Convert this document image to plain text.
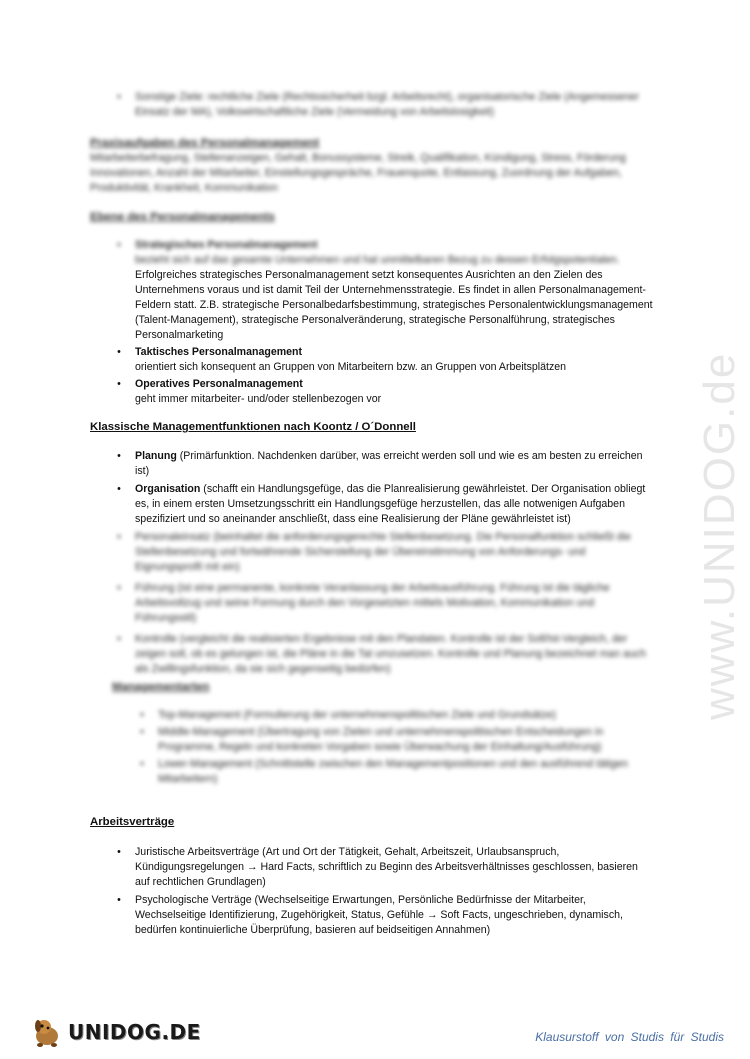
www.UNIDOG.de
• Sonstige Ziele: rechtliche Ziele (Rechtssicherheit bzgl. Arbeitsrecht), organisatorische Ziele (Angemessener Einsatz der MA), Volkswirtschaftliche Ziele (Vermeidung von Arbeitslosigkeit)
Praxisaufgaben des Personalmanagement
Mitarbeiterbefragung, Stellenanzeigen, Gehalt, Bonussysteme, Streik, Qualifikation, Kündigung, Stress, Förderung Innovationen, Anzahl der Mitarbeiter, Einstellungsgespräche, Frauenquote, Entlassung, Zuordnung der Aufgaben, Produktivität, Krankheit, Kommunikation
Ebene des Personalmanagements
• Strategisches Personalmanagement
bezieht sich auf das gesamte Unternehmen und hat unmittelbaren Bezug zu dessen Erfolgspotentialen.
Erfolgreiches strategisches Personalmanagement setzt konsequentes Ausrichten an den Zielen des Unternehmens voraus und ist damit Teil der Unternehmensstrategie. Es findet in allen Personalmanagement-Feldern statt. Z.B. strategische Personalbedarfsbestimmung, strategisches Personalentwicklungsmanagement (Talent-Management), strategische Personalveränderung, strategische Personalführung, strategisches Personalmarketing
• Taktisches Personalmanagement
orientiert sich konsequent an Gruppen von Mitarbeitern bzw. an Gruppen von Arbeitsplätzen
• Operatives Personalmanagement
geht immer mitarbeiter- und/oder stellenbezogen vor
Klassische Managementfunktionen nach Koontz / O´Donnell
• Planung (Primärfunktion. Nachdenken darüber, was erreicht werden soll und wie es am besten zu erreichen ist)
• Organisation (schafft ein Handlungsgefüge, das die Planrealisierung gewährleistet. Der Organisation obliegt es, in einem ersten Umsetzungsschritt ein Handlungsgefüge herzustellen, das alle notwenigen Aufgaben spezifiziert und so aneinander anschließt, dass eine Realisierung der Pläne gewährleistet ist)
• Personaleinsatz (beinhaltet die anforderungsgerechte Stellenbesetzung. Die Personalfunktion schließt die Stellenbesetzung und fortwährende Sicherstellung der Übereinstimmung von Anforderungs- und Eignungsprofil mit ein)
• Führung (ist eine permanente, konkrete Veranlassung der Arbeitsausführung. Führung ist die tägliche Arbeitsvollzug und seine Formung durch den Vorgesetzten mittels Motivation, Kommunikation und Führungsstil)
• Kontrolle (vergleicht die realisierten Ergebnisse mit den Plandaten. Kontrolle ist der Soll/Ist-Vergleich, der zeigen soll, ob es gelungen ist, die Pläne in die Tat umzusetzen. Kontrolle und Planung bezeichnet man auch als Zwillingsfunktion, da sie sich gegenseitig bedürfen)
Managementarten
• Top-Management (Formulierung der unternehmenspolitischen Ziele und Grundsätze)
• Middle-Management (Übertragung von Zielen und unternehmenspolitischen Entscheidungen in Programme, Regeln und konkreten Vorgaben sowie Überwachung der Einhaltung/Ausführung)
• Lower-Management (Schnittstelle zwischen den Managementpositionen und den ausführend tätigen Mitarbeitern)
Arbeitsverträge
• Juristische Arbeitsverträge (Art und Ort der Tätigkeit, Gehalt, Arbeitszeit, Urlaubsanspruch, Kündigungsregelungen → Hard Facts, schriftlich zu Beginn des Arbeitsverhältnisses geschlossen, basieren auf rechtlichen Grundlagen)
• Psychologische Verträge (Wechselseitige Erwartungen, Persönliche Bedürfnisse der Mitarbeiter, Wechselseitige Identifizierung, Zugehörigkeit, Status, Gefühle → Soft Facts, ungeschrieben, dynamisch, bedürfen kontinuierliche Überprüfung, basieren auf beidseitigen Annahmen)
UNIDOG.DE	Klausurstoff von Studis für Studis
